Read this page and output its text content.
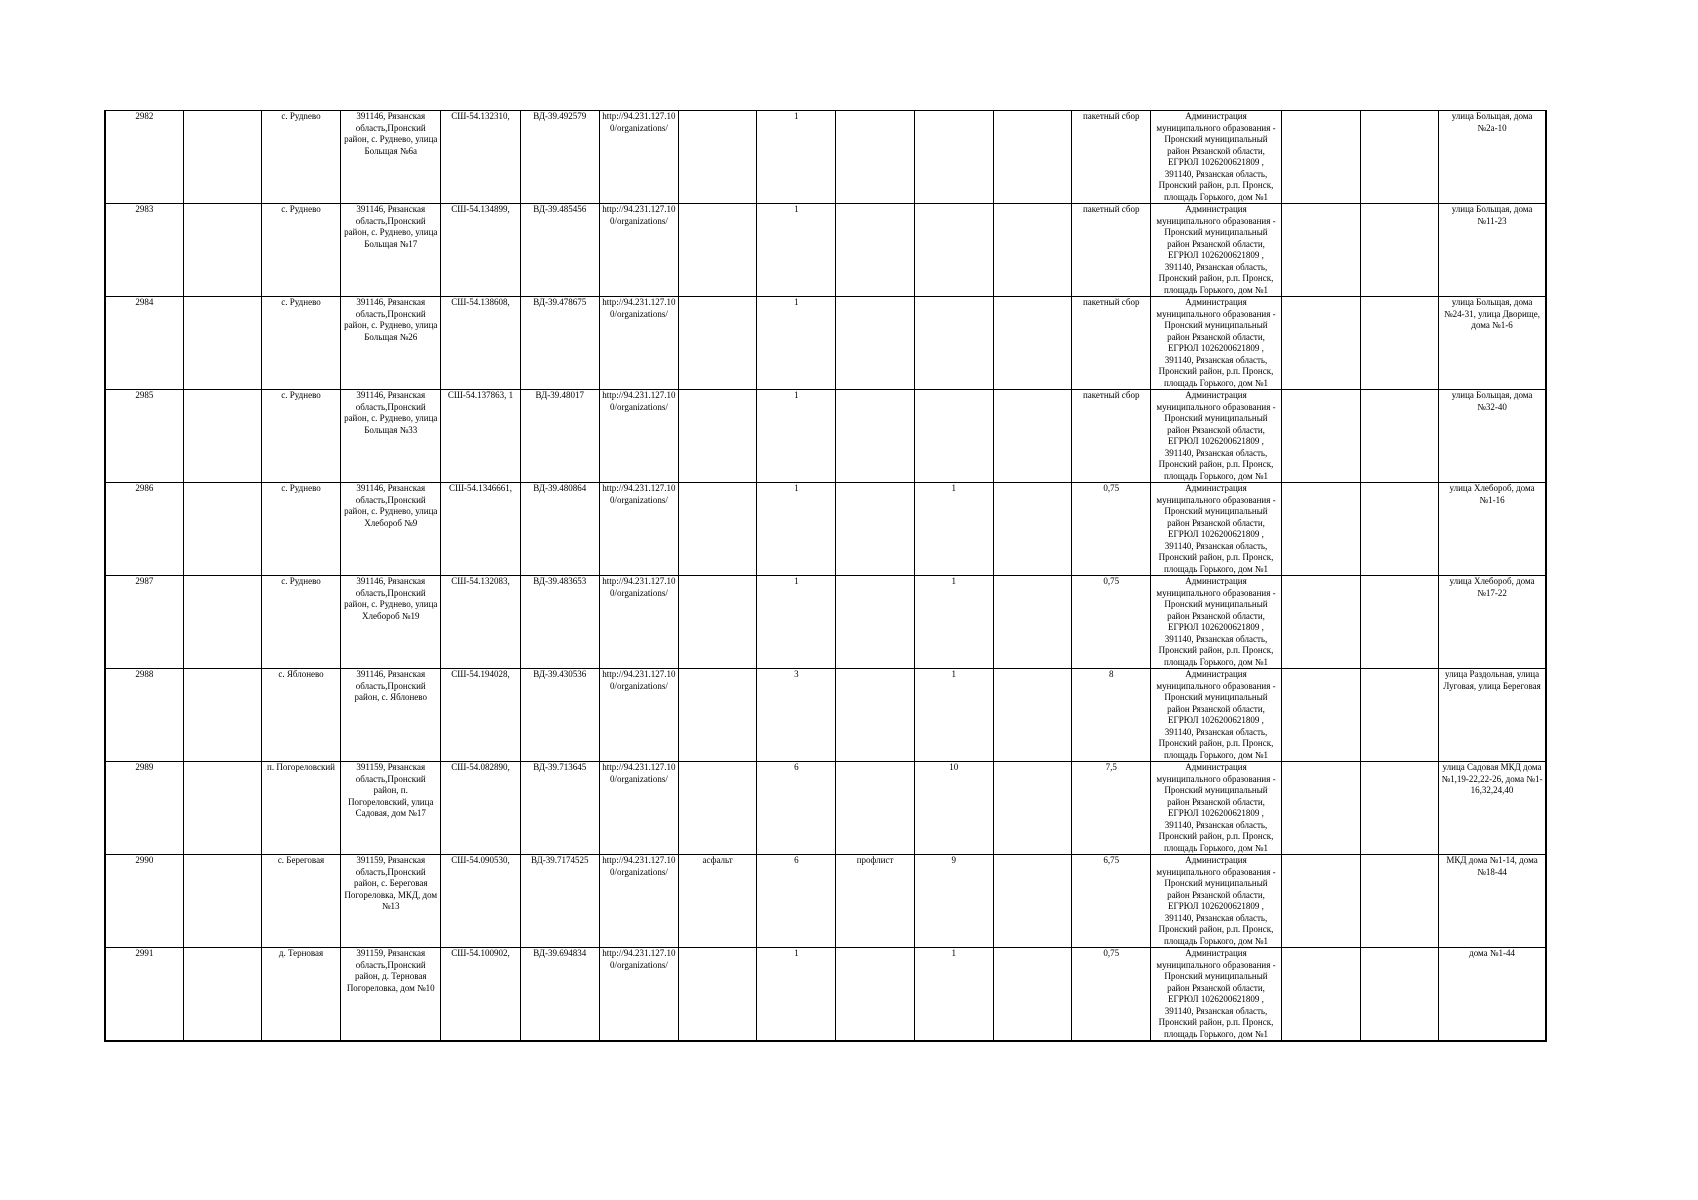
2982		с. Рудneво	391146, Рязанская область,Пронский район, с. Руднево, улица Больщая №6а	СШ-54.132310,	ВД-39.492579	http://94.231.127.10 0/organizations/		1				пакетный сбор	Администрация муниципального образования - Пронский муниципальный район Рязанской области, ЕГРЮЛ 1026200621809 , 391140, Рязанская область, Пронский район, р.п. Пронск, площадь Горького, дом №1			улица Больщая, дома №2а-10
2983		с. Руднево	391146, Рязанская область,Пронский район, с. Руднево, улица Больщая №17	СШ-54.134899,	ВД-39.485456	http://94.231.127.10 0/organizations/		1				пакетный сбор	Администрация муниципального образования - Пронский муниципальный район Рязанской области, ЕГРЮЛ 1026200621809 , 391140, Рязанская область, Пронский район, р.п. Пронск, площадь Горького, дом №1			улица Больщая, дома №11-23
2984		с. Руднево	391146, Рязанская область,Пронский район, с. Руднево, улица Больщая №26	СШ-54.138608,	ВД-39.478675	http://94.231.127.10 0/organizations/		1				пакетный сбор	Администрация муниципального образования - Пронский муниципальный район Рязанской области, ЕГРЮЛ 1026200621809 , 391140, Рязанская область, Пронский район, р.п. Пронск, площадь Горького, дом №1			улица Больщая, дома №24-31, улица Дворище, дома №1-6
2985		с. Руднево	391146, Рязанская область,Пронский район, с. Руднево, улица Больщая №33	СШ-54.137863, 1	ВД-39.48017	http://94.231.127.10 0/organizations/		1				пакетный сбор	Администрация муниципального образования - Пронский муниципальный район Рязанской области, ЕГРЮЛ 1026200621809 , 391140, Рязанская область, Пронский район, р.п. Пронск, площадь Горького, дом №1			улица Больщая, дома №32-40
2986		с. Руднево	391146, Рязанская область,Пронский район, с. Руднево, улица Хлебороб №9	СШ-54.1346661,	ВД-39.480864	http://94.231.127.10 0/organizations/		1		1		0,75	Администрация муниципального образования - Пронский муниципальный район Рязанской области, ЕГРЮЛ 1026200621809 , 391140, Рязанская область, Пронский район, р.п. Пронск, площадь Горького, дом №1			улица Хлебороб, дома №1-16
2987		с. Руднево	391146, Рязанская область,Пронский район, с. Руднево, улица Хлебороб №19	СШ-54.132083,	ВД-39.483653	http://94.231.127.10 0/organizations/		1		1		0,75	Администрация муниципального образования - Пронский муниципальный район Рязанской области, ЕГРЮЛ 1026200621809 , 391140, Рязанская область, Пронский район, р.п. Пронск, площадь Горького, дом №1			улица Хлебороб, дома №17-22
2988		с. Яблонево	391146, Рязанская область,Пронский район, с. Яблонево	СШ-54.194028,	ВД-39.430536	http://94.231.127.10 0/organizations/		3		1		8	Администрация муниципального образования - Пронский муниципальный район Рязанской области, ЕГРЮЛ 1026200621809 , 391140, Рязанская область, Пронский район, р.п. Пронск, площадь Горького, дом №1			улица Раздольная, улица Луговая, улица Береговая
2989		п. Погореловский	391159, Рязанская область,Пронский район, п. Погореловский, улица Садовая, дом №17	СШ-54.082890,	ВД-39.713645	http://94.231.127.10 0/organizations/		6		10		7,5	Администрация муниципального образования - Пронский муниципальный район Рязанской области, ЕГРЮЛ 1026200621809 , 391140, Рязанская область, Пронский район, р.п. Пронск, площадь Горького, дом №1			улица Садовая МКД дома №1,19-22,22-26, дома №1-16,32,24,40
2990		с. Береговая	391159, Рязанская область,Пронский район, с. Береговая Погореловка, МКД, дом №13	СШ-54.090530,	ВД-39.7174525	http://94.231.127.10 0/organizations/	асфальт	6	профлист	9		6,75	Администрация муниципального образования - Пронский муниципальный район Рязанской области, ЕГРЮЛ 1026200621809 , 391140, Рязанская область, Пронский район, р.п. Пронск, площадь Горького, дом №1			МКД дома №1-14, дома №18-44
2991		д. Терновая	391159, Рязанская область,Пронский район, д. Терновая Погореловка, дом №10	СШ-54.100902,	ВД-39.694834	http://94.231.127.10 0/organizations/		1		1		0,75	Администрация муниципального образования - Пронский муниципальный район Рязанской области, ЕГРЮЛ 1026200621809 , 391140, Рязанская область, Пронский район, р.п. Пронск, площадь Горького, дом №1			дома №1-44
